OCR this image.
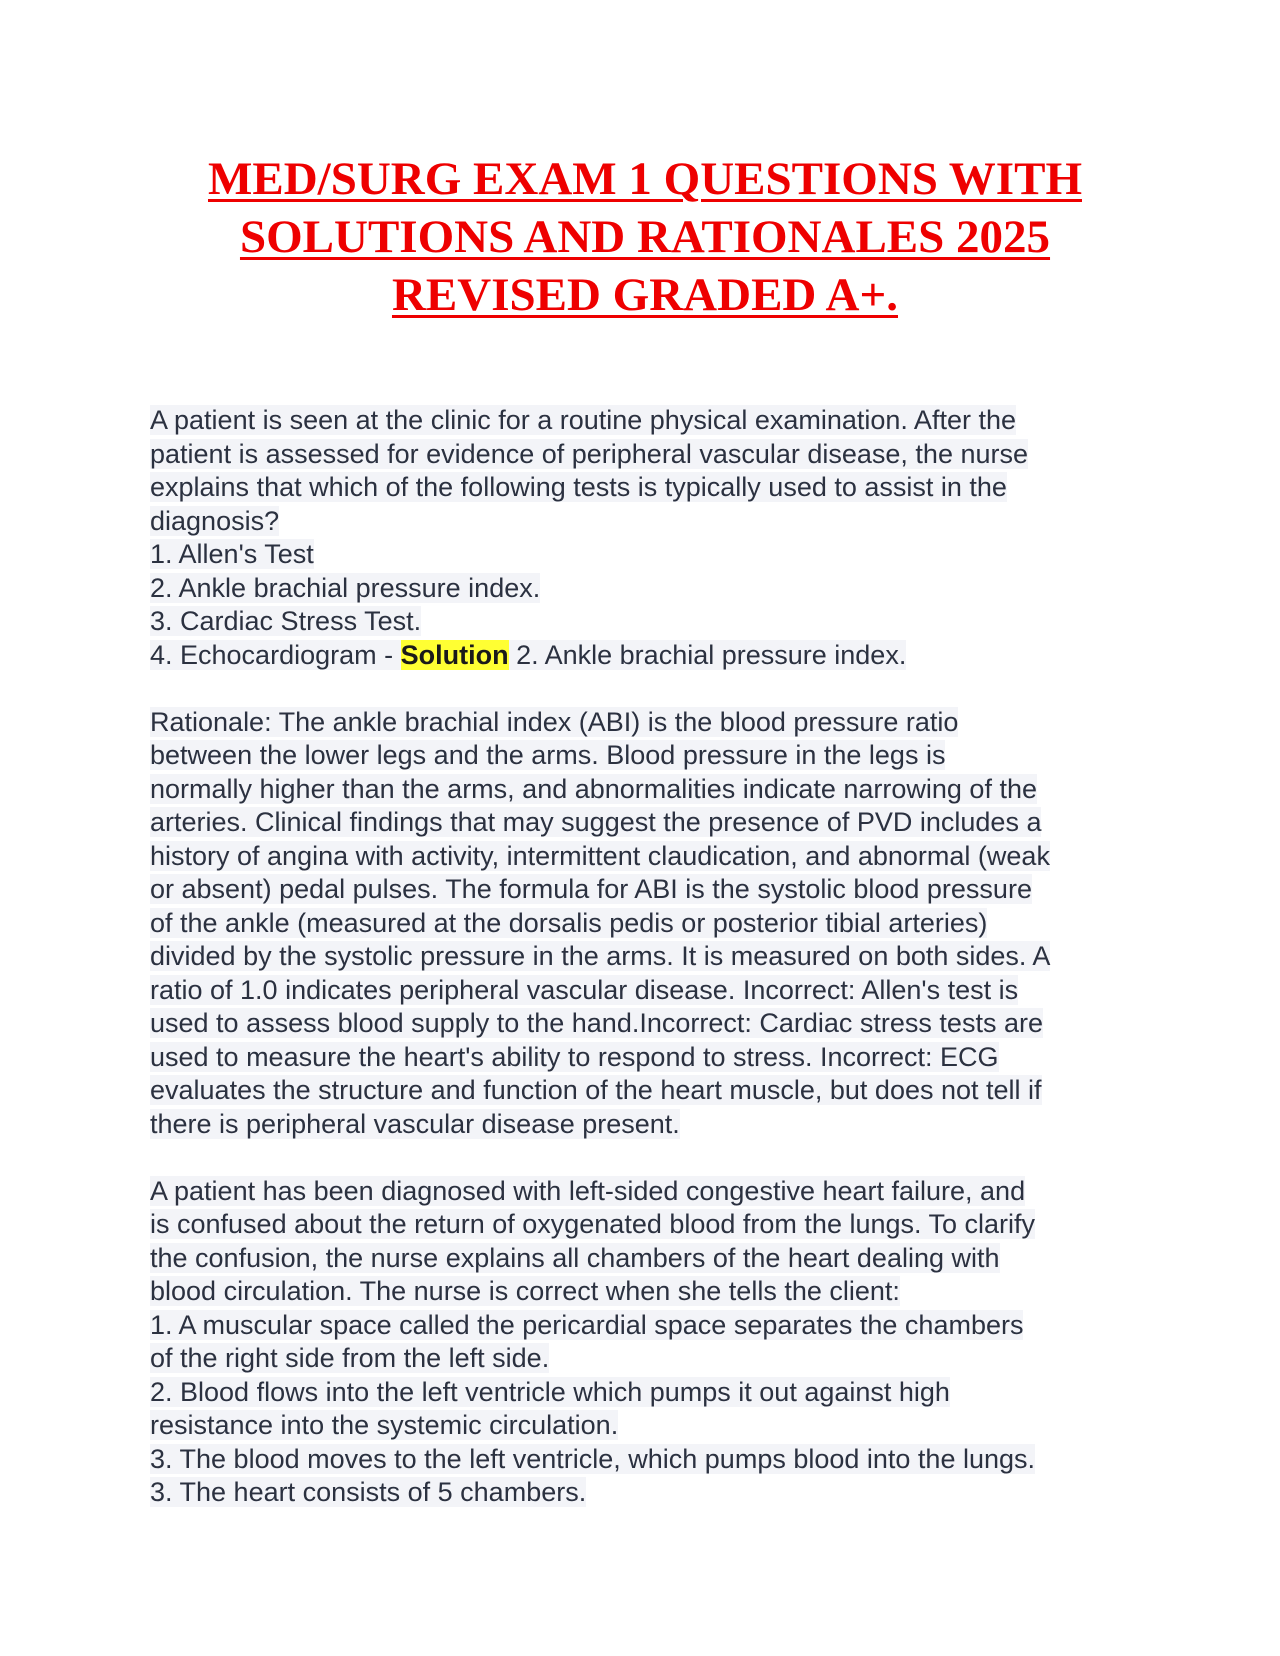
MED/SURG EXAM 1 QUESTIONS WITH
SOLUTIONS AND RATIONALES 2025
REVISED GRADED A+.
A patient is seen at the clinic for a routine physical examination. After the
patient is assessed for evidence of peripheral vascular disease, the nurse
explains that which of the following tests is typically used to assist in the
diagnosis?
1. Allen's Test
2. Ankle brachial pressure index.
3. Cardiac Stress Test.
4. Echocardiogram - Solution 2. Ankle brachial pressure index.
Rationale: The ankle brachial index (ABI) is the blood pressure ratio
between the lower legs and the arms. Blood pressure in the legs is
normally higher than the arms, and abnormalities indicate narrowing of the
arteries. Clinical findings that may suggest the presence of PVD includes a
history of angina with activity, intermittent claudication, and abnormal (weak
or absent) pedal pulses. The formula for ABI is the systolic blood pressure
of the ankle (measured at the dorsalis pedis or posterior tibial arteries)
divided by the systolic pressure in the arms. It is measured on both sides. A
ratio of 1.0 indicates peripheral vascular disease. Incorrect: Allen's test is
used to assess blood supply to the hand.Incorrect: Cardiac stress tests are
used to measure the heart's ability to respond to stress. Incorrect: ECG
evaluates the structure and function of the heart muscle, but does not tell if
there is peripheral vascular disease present.
A patient has been diagnosed with left-sided congestive heart failure, and
is confused about the return of oxygenated blood from the lungs. To clarify
the confusion, the nurse explains all chambers of the heart dealing with
blood circulation. The nurse is correct when she tells the client:
1. A muscular space called the pericardial space separates the chambers
of the right side from the left side.
2. Blood flows into the left ventricle which pumps it out against high
resistance into the systemic circulation.
3. The blood moves to the left ventricle, which pumps blood into the lungs.
3. The heart consists of 5 chambers.
